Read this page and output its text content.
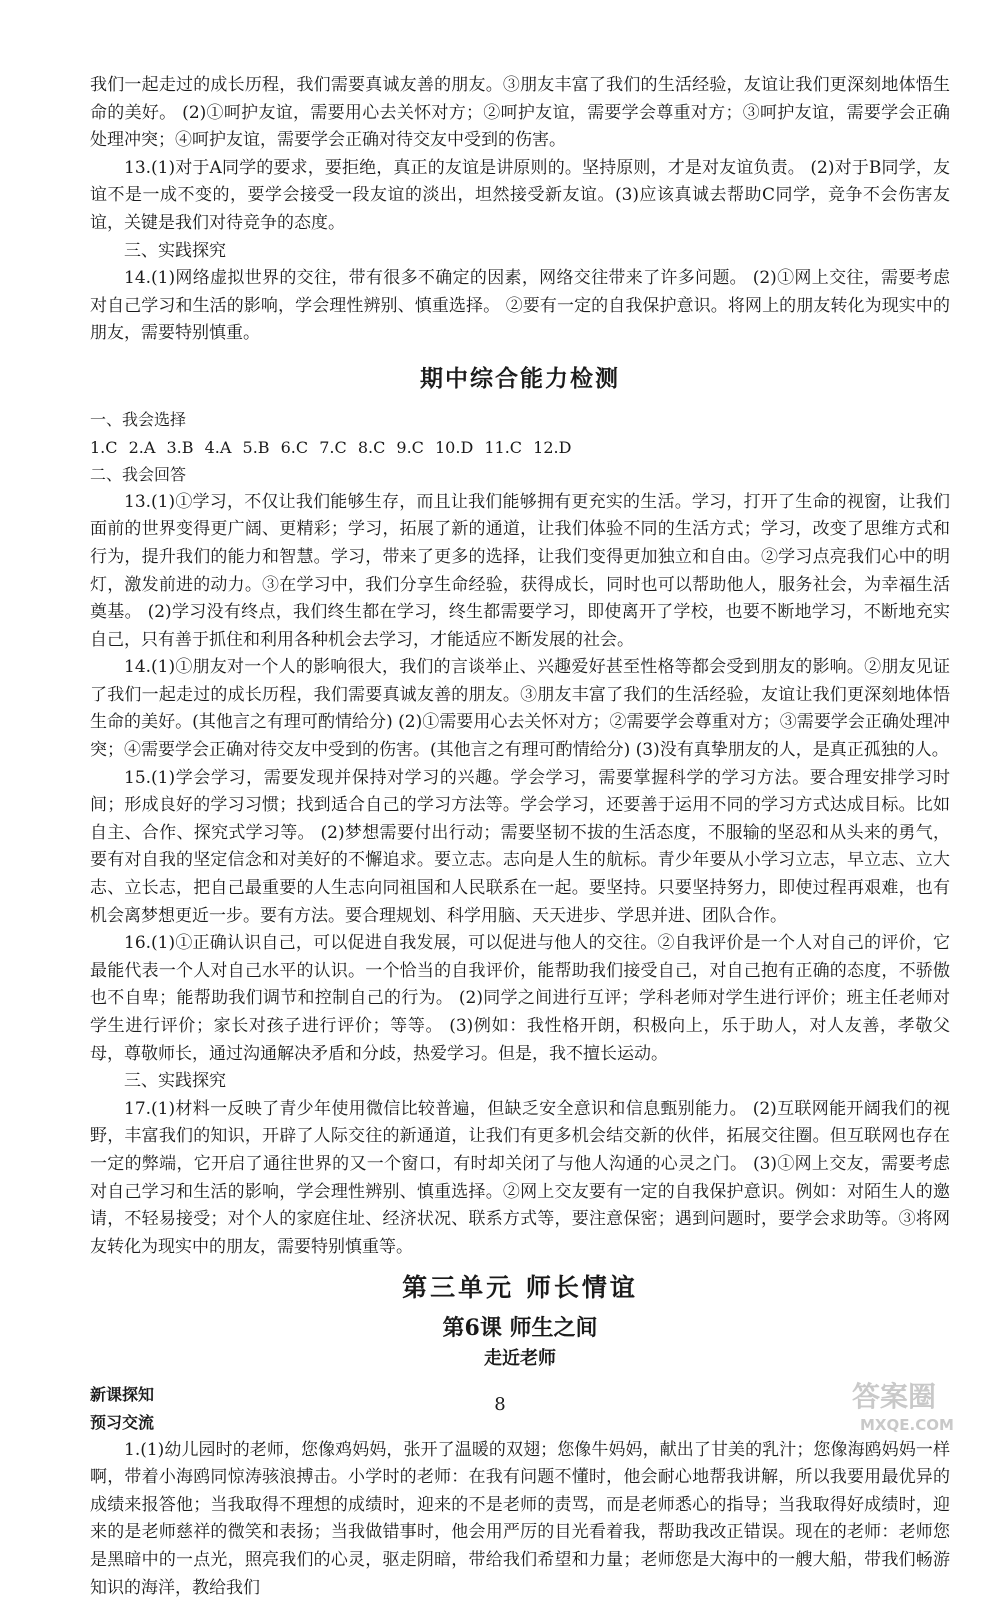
我们一起走过的成长历程，我们需要真诚友善的朋友。③朋友丰富了我们的生活经验，友谊让我们更深刻地体悟生命的美好。 (2)①呵护友谊，需要用心去关怀对方；②呵护友谊，需要学会尊重对方；③呵护友谊，需要学会正确处理冲突；④呵护友谊，需要学会正确对待交友中受到的伤害。

13.(1)对于A同学的要求，要拒绝，真正的友谊是讲原则的。坚持原则，才是对友谊负责。 (2)对于B同学，友谊不是一成不变的，要学会接受一段友谊的淡出，坦然接受新友谊。(3)应该真诚去帮助C同学，竞争不会伤害友谊，关键是我们对待竞争的态度。

三、实践探究

14.(1)网络虚拟世界的交往，带有很多不确定的因素，网络交往带来了许多问题。 (2)①网上交往，需要考虑对自己学习和生活的影响，学会理性辨别、慎重选择。 ②要有一定的自我保护意识。将网上的朋友转化为现实中的朋友，需要特别慎重。

期中综合能力检测

一、我会选择

1.C 2.A 3.B 4.A 5.B 6.C 7.C 8.C 9.C 10.D 11.C 12.D

二、我会回答

13.(1)①学习，不仅让我们能够生存，而且让我们能够拥有更充实的生活。学习，打开了生命的视窗，让我们面前的世界变得更广阔、更精彩；学习，拓展了新的通道，让我们体验不同的生活方式；学习，改变了思维方式和行为，提升我们的能力和智慧。学习，带来了更多的选择，让我们变得更加独立和自由。②学习点亮我们心中的明灯，激发前进的动力。③在学习中，我们分享生命经验，获得成长，同时也可以帮助他人，服务社会，为幸福生活奠基。 (2)学习没有终点，我们终生都在学习，终生都需要学习，即使离开了学校，也要不断地学习，不断地充实自己，只有善于抓住和利用各种机会去学习，才能适应不断发展的社会。

14.(1)①朋友对一个人的影响很大，我们的言谈举止、兴趣爱好甚至性格等都会受到朋友的影响。②朋友见证了我们一起走过的成长历程，我们需要真诚友善的朋友。③朋友丰富了我们的生活经验，友谊让我们更深刻地体悟生命的美好。(其他言之有理可酌情给分) (2)①需要用心去关怀对方；②需要学会尊重对方；③需要学会正确处理冲突；④需要学会正确对待交友中受到的伤害。(其他言之有理可酌情给分) (3)没有真挚朋友的人，是真正孤独的人。

15.(1)学会学习，需要发现并保持对学习的兴趣。学会学习，需要掌握科学的学习方法。要合理安排学习时间；形成良好的学习习惯；找到适合自己的学习方法等。学会学习，还要善于运用不同的学习方式达成目标。比如自主、合作、探究式学习等。 (2)梦想需要付出行动；需要坚韧不拔的生活态度，不服输的坚忍和从头来的勇气，要有对自我的坚定信念和对美好的不懈追求。要立志。志向是人生的航标。青少年要从小学习立志，早立志、立大志、立长志，把自己最重要的人生志向同祖国和人民联系在一起。要坚持。只要坚持努力，即使过程再艰难，也有机会离梦想更近一步。要有方法。要合理规划、科学用脑、天天进步、学思并进、团队合作。

16.(1)①正确认识自己，可以促进自我发展，可以促进与他人的交往。②自我评价是一个人对自己的评价，它最能代表一个人对自己水平的认识。一个恰当的自我评价，能帮助我们接受自己，对自己抱有正确的态度，不骄傲也不自卑；能帮助我们调节和控制自己的行为。 (2)同学之间进行互评；学科老师对学生进行评价；班主任老师对学生进行评价；家长对孩子进行评价；等等。 (3)例如：我性格开朗，积极向上，乐于助人，对人友善，孝敬父母，尊敬师长，通过沟通解决矛盾和分歧，热爱学习。但是，我不擅长运动。

三、实践探究

17.(1)材料一反映了青少年使用微信比较普遍，但缺乏安全意识和信息甄别能力。 (2)互联网能开阔我们的视野，丰富我们的知识，开辟了人际交往的新通道，让我们有更多机会结交新的伙伴，拓展交往圈。但互联网也存在一定的弊端，它开启了通往世界的又一个窗口，有时却关闭了与他人沟通的心灵之门。 (3)①网上交友，需要考虑对自己学习和生活的影响，学会理性辨别、慎重选择。②网上交友要有一定的自我保护意识。例如：对陌生人的邀请，不轻易接受；对个人的家庭住址、经济状况、联系方式等，要注意保密；遇到问题时，要学会求助等。③将网友转化为现实中的朋友，需要特别慎重等。

第三单元 师长情谊
第6课 师生之间
走近老师

新课探知

预习交流

1.(1)幼儿园时的老师，您像鸡妈妈，张开了温暖的双翅；您像牛妈妈，献出了甘美的乳汁；您像海鸥妈妈一样啊，带着小海鸥同惊涛骇浪搏击。小学时的老师：在我有问题不懂时，他会耐心地帮我讲解，所以我要用最优异的成绩来报答他；当我取得不理想的成绩时，迎来的不是老师的责骂，而是老师悉心的指导；当我取得好成绩时，迎来的是老师慈祥的微笑和表扬；当我做错事时，他会用严厉的目光看着我，帮助我改正错误。现在的老师：老师您是黑暗中的一点光，照亮我们的心灵，驱走阴暗，带给我们希望和力量；老师您是大海中的一艘大船，带我们畅游知识的海洋，教给我们

8	答案圈
MXQE.COM
